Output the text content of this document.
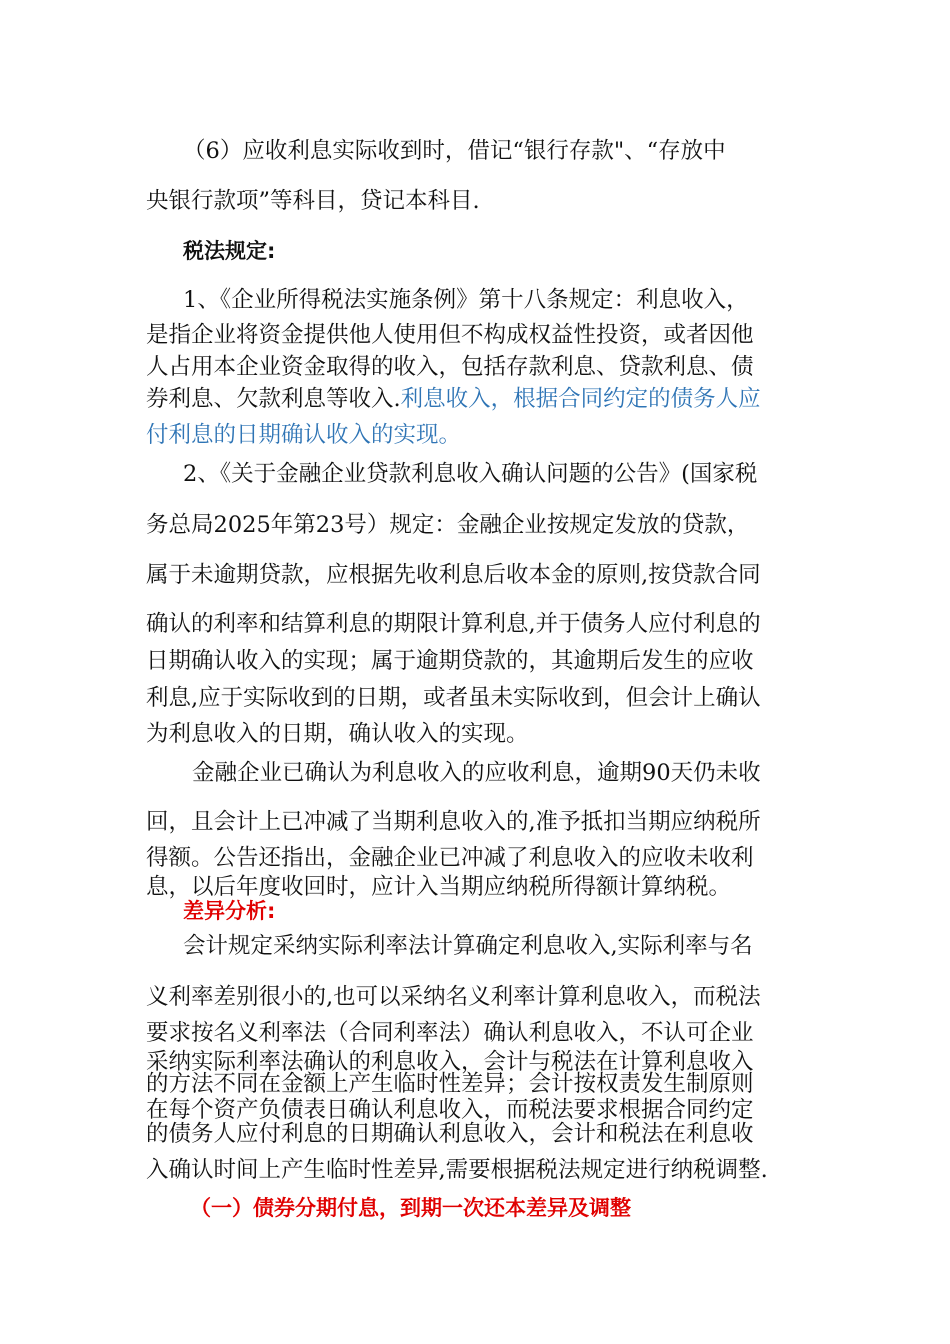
（6）应收利息实际收到时，借记“银行存款"、“存放中
央银行款项”等科目，贷记本科目.
税法规定:
1、《企业所得税法实施条例》第十八条规定：利息收入，
是指企业将资金提供他人使用但不构成权益性投资，或者因他
人占用本企业资金取得的收入，包括存款利息、贷款利息、债
券利息、欠款利息等收入.利息收入，根据合同约定的债务人应
付利息的日期确认收入的实现。
2、《关于金融企业贷款利息收入确认问题的公告》(国家税
务总局2025年第23号）规定：金融企业按规定发放的贷款，
属于未逾期贷款，应根据先收利息后收本金的原则,按贷款合同
确认的利率和结算利息的期限计算利息,并于债务人应付利息的
日期确认收入的实现；属于逾期贷款的，其逾期后发生的应收
利息,应于实际收到的日期，或者虽未实际收到，但会计上确认
为利息收入的日期，确认收入的实现。
金融企业已确认为利息收入的应收利息，逾期90天仍未收
回，且会计上已冲减了当期利息收入的,准予抵扣当期应纳税所
得额。公告还指出，金融企业已冲减了利息收入的应收未收利
息，以后年度收回时，应计入当期应纳税所得额计算纳税。
差异分析:
会计规定采纳实际利率法计算确定利息收入,实际利率与名
义利率差别很小的,也可以采纳名义利率计算利息收入，而税法
要求按名义利率法（合同利率法）确认利息收入，不认可企业
采纳实际利率法确认的利息收入，会计与税法在计算利息收入
的方法不同在金额上产生临时性差异；会计按权责发生制原则
在每个资产负债表日确认利息收入，而税法要求根据合同约定
的债务人应付利息的日期确认利息收入，会计和税法在利息收
入确认时间上产生临时性差异,需要根据税法规定进行纳税调整.
（一）债券分期付息，到期一次还本差异及调整
